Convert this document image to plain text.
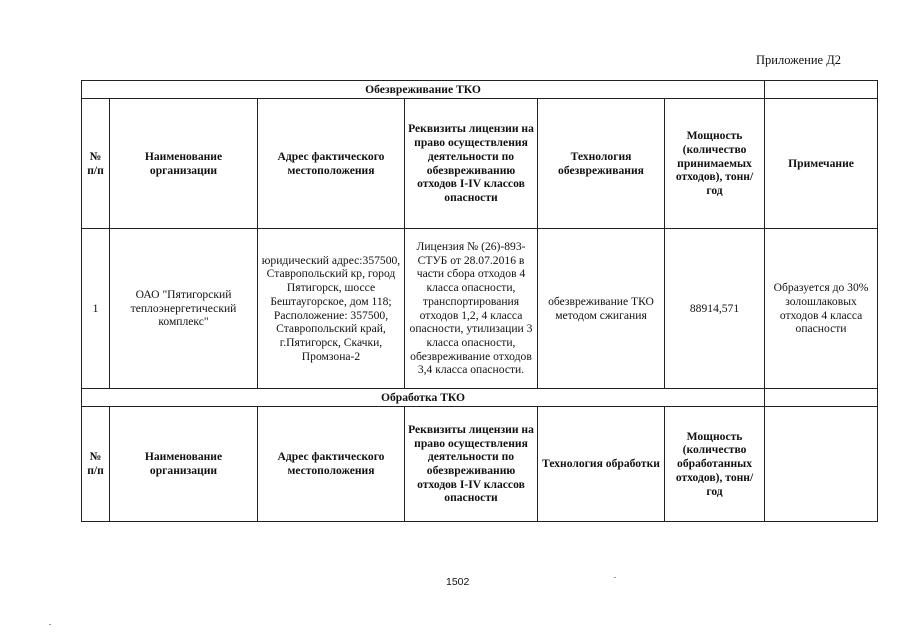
Приложение Д2
Обезвреживание ТКО						
№ п/п	Наименование организации	Адрес фактического местоположения	Реквизиты лицензии на право осуществления деятельности по обезвреживанию отходов I-IV классов опасности	Технология обезвреживания	Мощность (количество принимаемых отходов), тонн/год	Примечание
1	ОАО "Пятигорский теплоэнергетический комплекс"	юридический адрес:357500, Ставропольский кр, город Пятигорск, шоссе Бештаугорское, дом 118; Расположение: 357500, Ставропольский край, г.Пятигорск, Скачки, Промзона-2	Лицензия № (26)-893-СТУБ от 28.07.2016 в части сбора отходов 4 класса опасности, транспортирования отходов 1,2, 4 класса опасности, утилизации 3 класса опасности, обезвреживание отходов 3,4 класса опасности.	обезвреживание ТКО методом сжигания	88914,571	Образуется до 30% золошлаковых отходов 4 класса опасности
Обработка ТКО						
№ п/п	Наименование организации	Адрес фактического местоположения	Реквизиты лицензии на право осуществления деятельности по обезвреживанию отходов I-IV классов опасности	Технология обработки	Мощность (количество обработанных отходов), тонн/год	
1502
